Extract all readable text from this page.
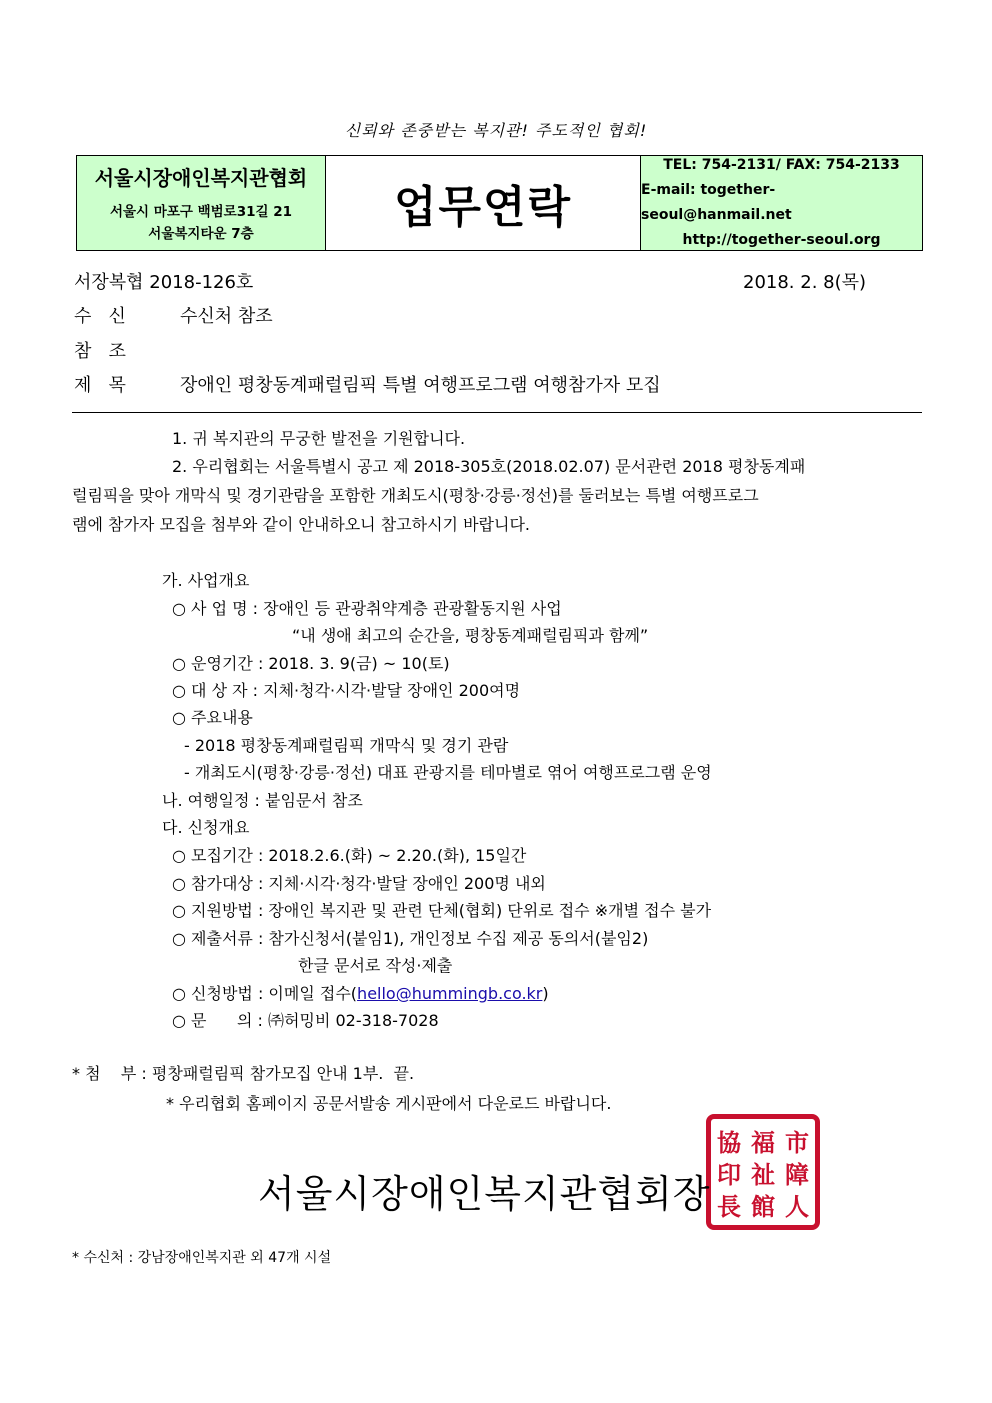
신뢰와 존중받는 복지관! 주도적인 협회!
서울시장애인복지관협회
서울시 마포구 백범로31길 21
서울복지타운 7층
업무연락
TEL: 754-2131/ FAX: 754-2133
E-mail: together-seoul@hanmail.net
http://together-seoul.org
서장복협 2018-126호	2018. 2. 8(목)
수   신	수신처 참조
참   조
제   목	장애인 평창동계패럴림픽 특별 여행프로그램 여행참가자 모집
1. 귀 복지관의 무궁한 발전을 기원합니다.
2. 우리협회는 서울특별시 공고 제 2018-305호(2018.02.07) 문서관련 2018 평창동계패
럴림픽을 맞아 개막식 및 경기관람을 포함한 개최도시(평창·강릉·정선)를 둘러보는 특별 여행프로그
램에 참가자 모집을 첨부와 같이 안내하오니 참고하시기 바랍니다.
가. 사업개요
○ 사 업 명 : 장애인 등 관광취약계층 관광활동지원 사업
“내 생애 최고의 순간을, 평창동계패럴림픽과 함께”
○ 운영기간 : 2018. 3. 9(금) ~ 10(토)
○ 대 상 자 : 지체·청각·시각·발달 장애인 200여명
○ 주요내용
- 2018 평창동계패럴림픽 개막식 및 경기 관람
- 개최도시(평창·강릉·정선) 대표 관광지를 테마별로 엮어 여행프로그램 운영
나. 여행일정 : 붙임문서 참조
다. 신청개요
○ 모집기간 : 2018.2.6.(화) ~ 2.20.(화), 15일간
○ 참가대상 : 지체·시각·청각·발달 장애인 200명 내외
○ 지원방법 : 장애인 복지관 및 관련 단체(협회) 단위로 접수 ※개별 접수 불가
○ 제출서류 : 참가신청서(붙임1), 개인정보 수집 제공 동의서(붙임2)
한글 문서로 작성·제출
○ 신청방법 : 이메일 접수(hello@hummingb.co.kr)
○ 문      의 : ㈜허밍비 02-318-7028
* 첨    부 : 평창패럴림픽 참가모집 안내 1부.  끝.
* 우리협회 홈페이지 공문서발송 게시판에서 다운로드 바랍니다.
協 福 市
印 祉 障
長 館 人
서울시장애인복지관협회장
* 수신처 : 강남장애인복지관 외 47개 시설
